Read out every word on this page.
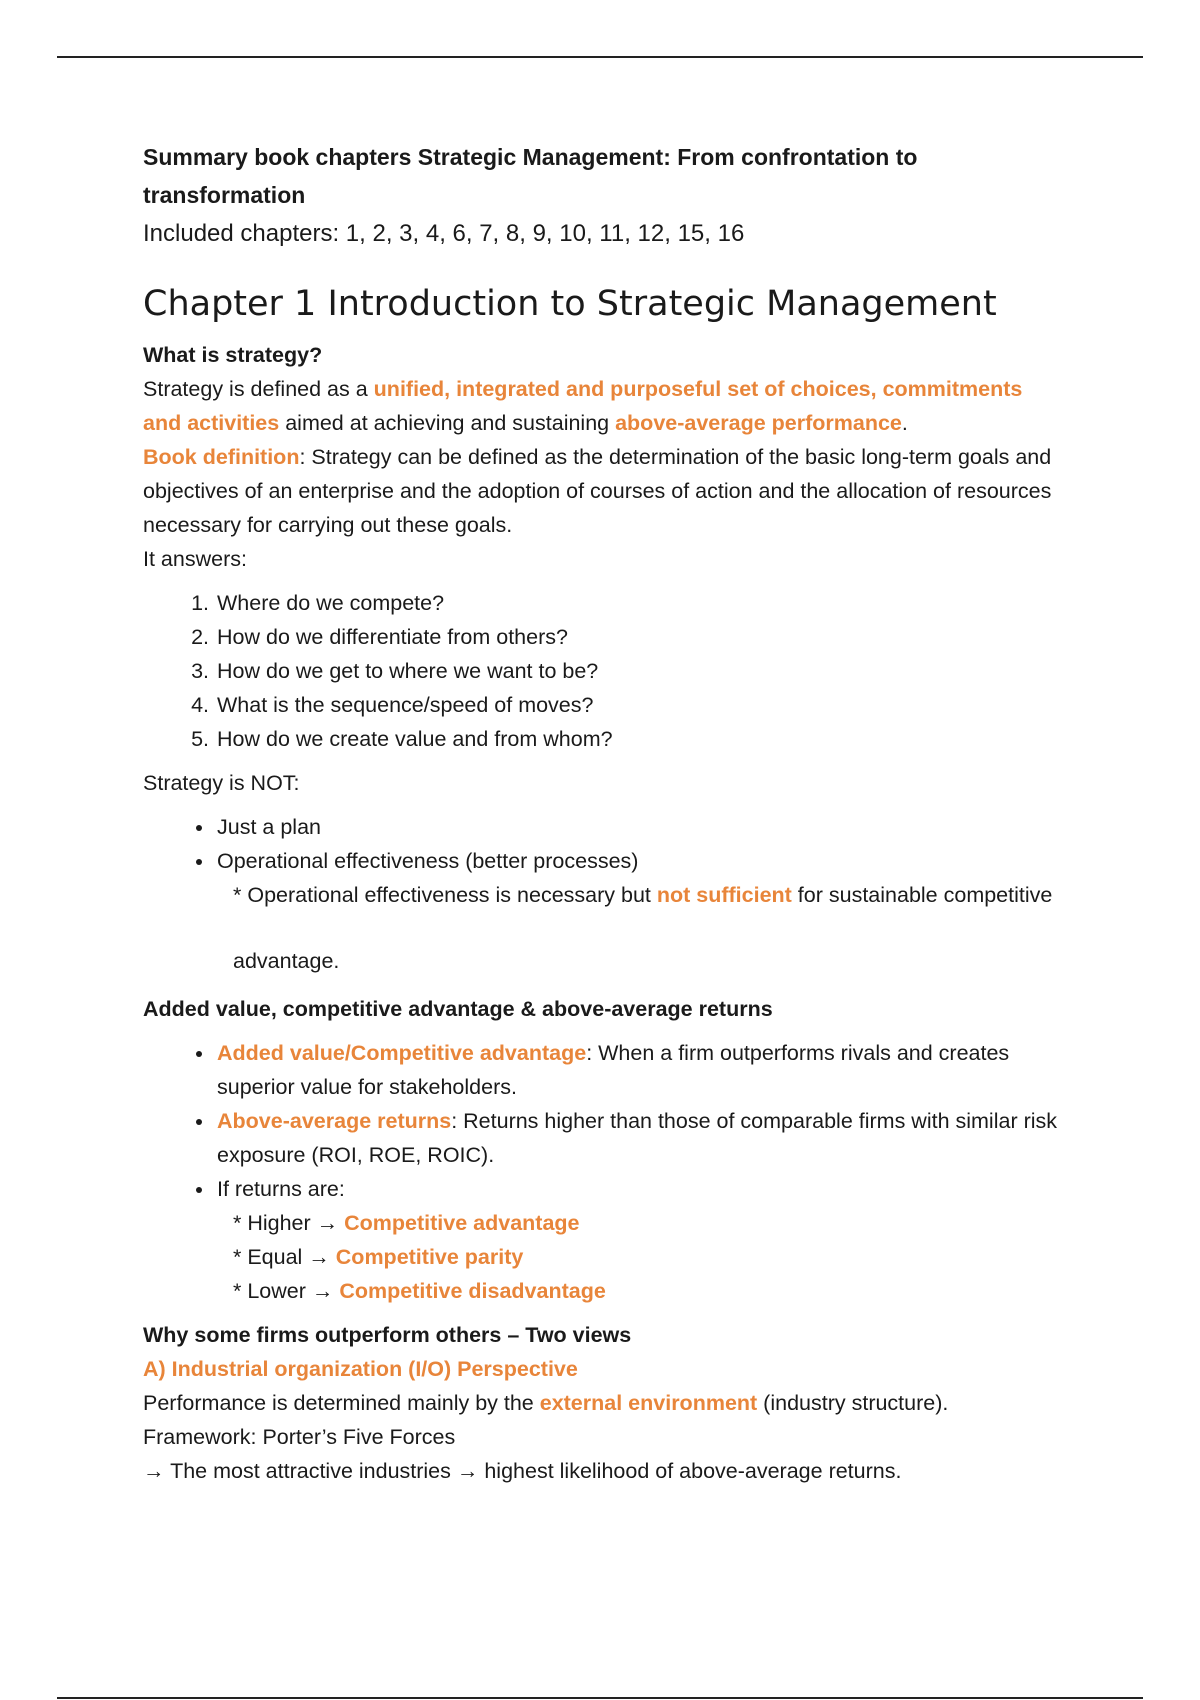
Summary book chapters Strategic Management: From confrontation to transformation

Included chapters: 1, 2, 3, 4, 6, 7, 8, 9, 10, 11, 12, 15, 16

Chapter 1 Introduction to Strategic Management

What is strategy?

Strategy is defined as a unified, integrated and purposeful set of choices, commitments and activities aimed at achieving and sustaining above-average performance.

Book definition: Strategy can be defined as the determination of the basic long-term goals and objectives of an enterprise and the adoption of courses of action and the allocation of resources necessary for carrying out these goals.

It answers:

1. Where do we compete?
2. How do we differentiate from others?
3. How do we get to where we want to be?
4. What is the sequence/speed of moves?
5. How do we create value and from whom?

Strategy is NOT:

• Just a plan
• Operational effectiveness (better processes)
* Operational effectiveness is necessary but not sufficient for sustainable competitive
advantage.

Added value, competitive advantage & above-average returns

• Added value/Competitive advantage: When a firm outperforms rivals and creates superior value for stakeholders.
• Above-average returns: Returns higher than those of comparable firms with similar risk exposure (ROI, ROE, ROIC).
• If returns are:
* Higher → Competitive advantage
* Equal → Competitive parity
* Lower → Competitive disadvantage

Why some firms outperform others – Two views

A) Industrial organization (I/O) Perspective

Performance is determined mainly by the external environment (industry structure).

Framework: Porter’s Five Forces

→ The most attractive industries → highest likelihood of above-average returns.
